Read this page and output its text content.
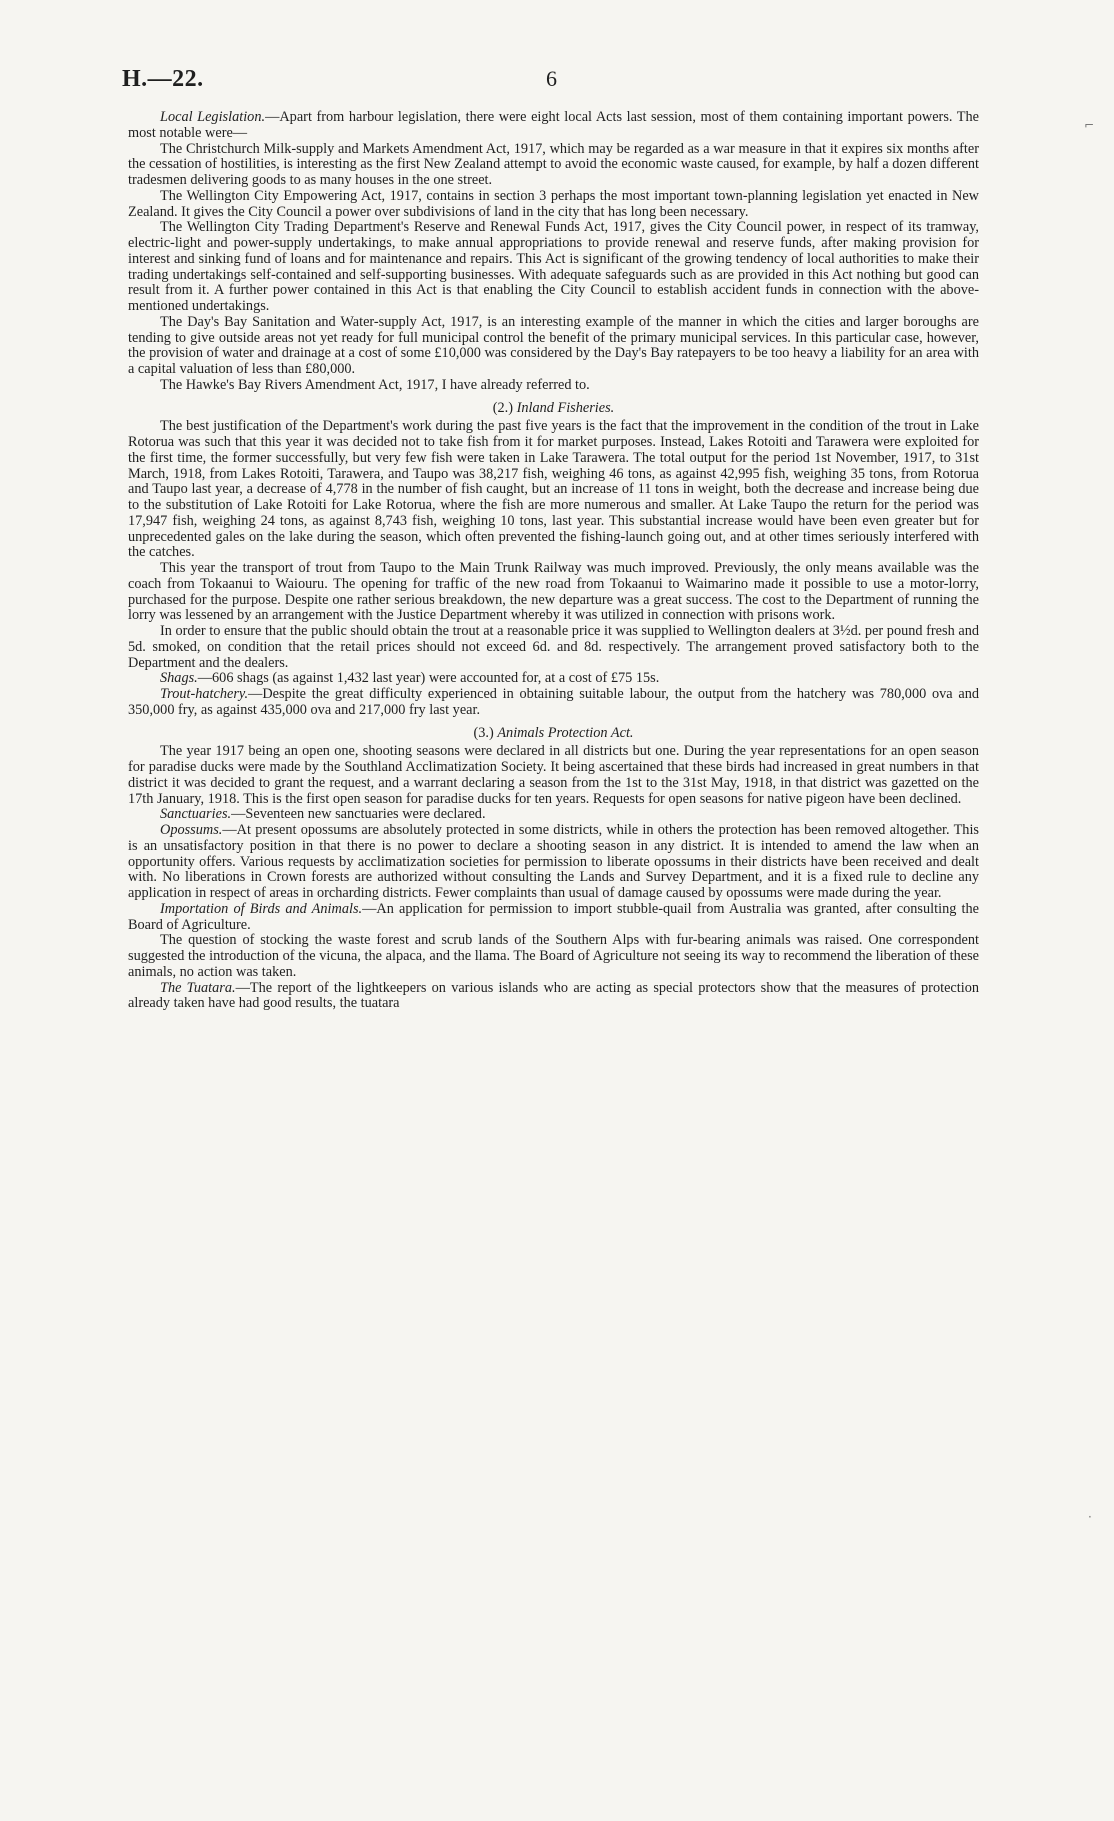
H.—22.	6
⌐
·

Local Legislation.—Apart from harbour legislation, there were eight local Acts last session, most of them containing important powers. The most notable were—

The Christchurch Milk-supply and Markets Amendment Act, 1917, which may be regarded as a war measure in that it expires six months after the cessation of hostilities, is interesting as the first New Zealand attempt to avoid the economic waste caused, for example, by half a dozen different tradesmen delivering goods to as many houses in the one street.

The Wellington City Empowering Act, 1917, contains in section 3 perhaps the most important town-planning legislation yet enacted in New Zealand. It gives the City Council a power over subdivisions of land in the city that has long been necessary.

The Wellington City Trading Department's Reserve and Renewal Funds Act, 1917, gives the City Council power, in respect of its tramway, electric-light and power-supply undertakings, to make annual appropriations to provide renewal and reserve funds, after making provision for interest and sinking fund of loans and for maintenance and repairs. This Act is significant of the growing tendency of local authorities to make their trading undertakings self-contained and self-supporting businesses. With adequate safeguards such as are provided in this Act nothing but good can result from it. A further power contained in this Act is that enabling the City Council to establish accident funds in connection with the above-mentioned undertakings.

The Day's Bay Sanitation and Water-supply Act, 1917, is an interesting example of the manner in which the cities and larger boroughs are tending to give outside areas not yet ready for full municipal control the benefit of the primary municipal services. In this particular case, however, the provision of water and drainage at a cost of some £10,000 was considered by the Day's Bay ratepayers to be too heavy a liability for an area with a capital valuation of less than £80,000.

The Hawke's Bay Rivers Amendment Act, 1917, I have already referred to.

(2.) Inland Fisheries.

The best justification of the Department's work during the past five years is the fact that the improvement in the condition of the trout in Lake Rotorua was such that this year it was decided not to take fish from it for market purposes. Instead, Lakes Rotoiti and Tarawera were exploited for the first time, the former successfully, but very few fish were taken in Lake Tarawera. The total output for the period 1st November, 1917, to 31st March, 1918, from Lakes Rotoiti, Tarawera, and Taupo was 38,217 fish, weighing 46 tons, as against 42,995 fish, weighing 35 tons, from Rotorua and Taupo last year, a decrease of 4,778 in the number of fish caught, but an increase of 11 tons in weight, both the decrease and increase being due to the substitution of Lake Rotoiti for Lake Rotorua, where the fish are more numerous and smaller. At Lake Taupo the return for the period was 17,947 fish, weighing 24 tons, as against 8,743 fish, weighing 10 tons, last year. This substantial increase would have been even greater but for unprecedented gales on the lake during the season, which often prevented the fishing-launch going out, and at other times seriously interfered with the catches.

This year the transport of trout from Taupo to the Main Trunk Railway was much improved. Previously, the only means available was the coach from Tokaanui to Waiouru. The opening for traffic of the new road from Tokaanui to Waimarino made it possible to use a motor-lorry, purchased for the purpose. Despite one rather serious breakdown, the new departure was a great success. The cost to the Department of running the lorry was lessened by an arrangement with the Justice Department whereby it was utilized in connection with prisons work.

In order to ensure that the public should obtain the trout at a reasonable price it was supplied to Wellington dealers at 3½d. per pound fresh and 5d. smoked, on condition that the retail prices should not exceed 6d. and 8d. respectively. The arrangement proved satisfactory both to the Department and the dealers.

Shags.—606 shags (as against 1,432 last year) were accounted for, at a cost of £75 15s.

Trout-hatchery.—Despite the great difficulty experienced in obtaining suitable labour, the output from the hatchery was 780,000 ova and 350,000 fry, as against 435,000 ova and 217,000 fry last year.

(3.) Animals Protection Act.

The year 1917 being an open one, shooting seasons were declared in all districts but one. During the year representations for an open season for paradise ducks were made by the Southland Acclimatization Society. It being ascertained that these birds had increased in great numbers in that district it was decided to grant the request, and a warrant declaring a season from the 1st to the 31st May, 1918, in that district was gazetted on the 17th January, 1918. This is the first open season for paradise ducks for ten years. Requests for open seasons for native pigeon have been declined.

Sanctuaries.—Seventeen new sanctuaries were declared.

Opossums.—At present opossums are absolutely protected in some districts, while in others the protection has been removed altogether. This is an unsatisfactory position in that there is no power to declare a shooting season in any district. It is intended to amend the law when an opportunity offers. Various requests by acclimatization societies for permission to liberate opossums in their districts have been received and dealt with. No liberations in Crown forests are authorized without consulting the Lands and Survey Department, and it is a fixed rule to decline any application in respect of areas in orcharding districts. Fewer complaints than usual of damage caused by opossums were made during the year.

Importation of Birds and Animals.—An application for permission to import stubble-quail from Australia was granted, after consulting the Board of Agriculture.

The question of stocking the waste forest and scrub lands of the Southern Alps with fur-bearing animals was raised. One correspondent suggested the introduction of the vicuna, the alpaca, and the llama. The Board of Agriculture not seeing its way to recommend the liberation of these animals, no action was taken.

The Tuatara.—The report of the lightkeepers on various islands who are acting as special protectors show that the measures of protection already taken have had good results, the tuatara
